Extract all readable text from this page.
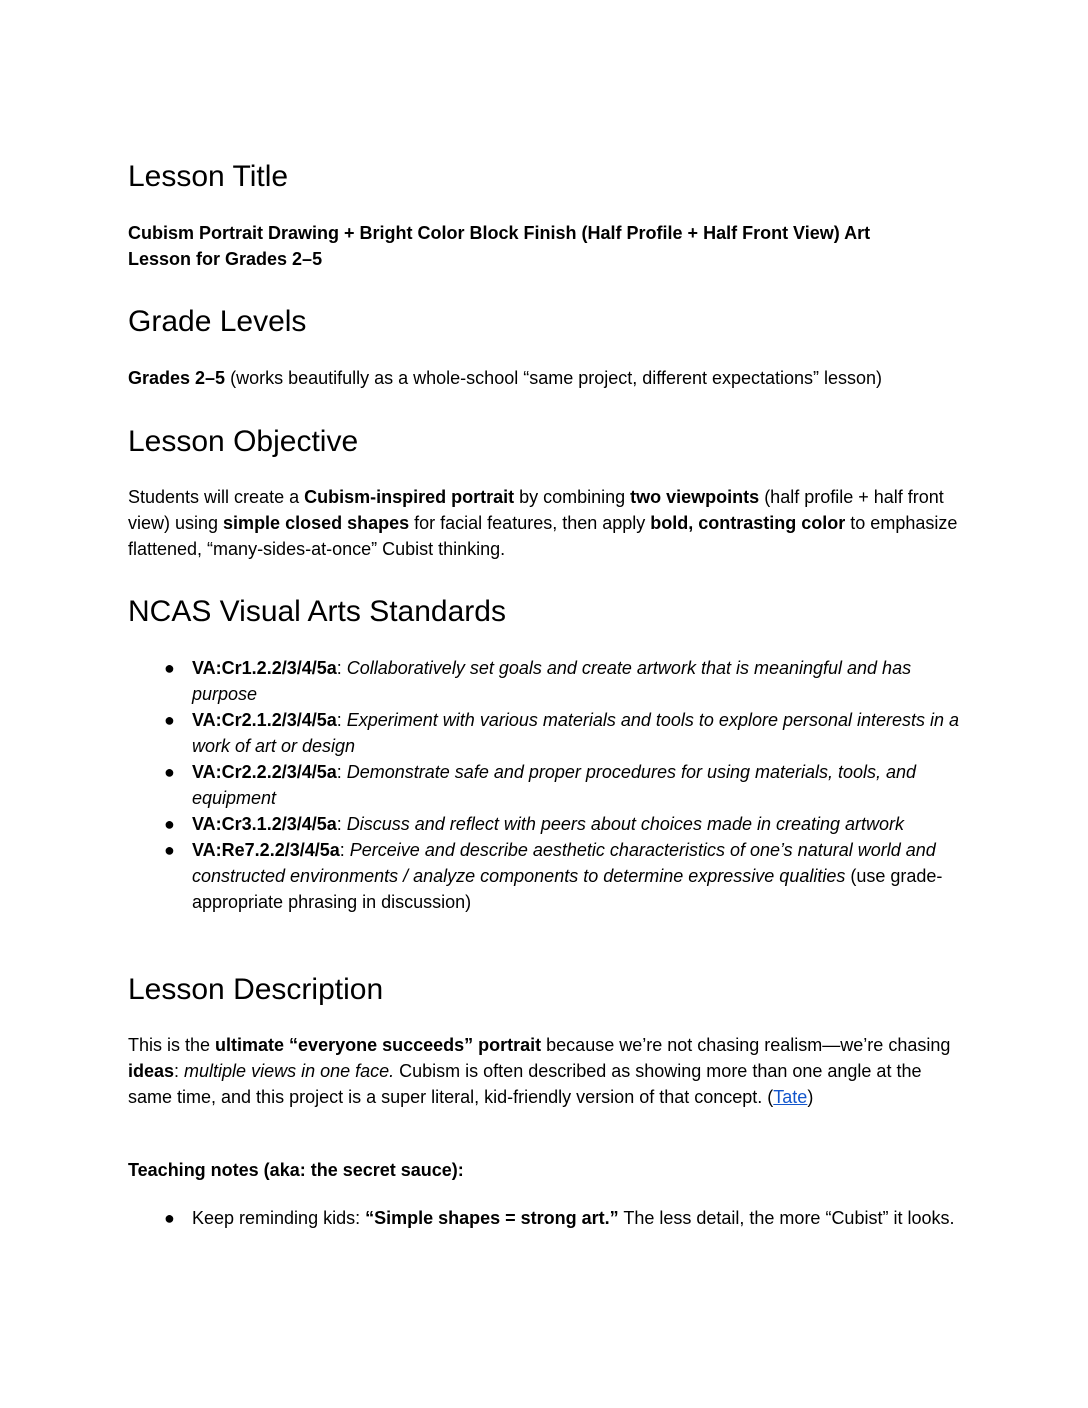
Lesson Title

Cubism Portrait Drawing + Bright Color Block Finish (Half Profile + Half Front View) Art
Lesson for Grades 2–5

Grade Levels

Grades 2–5 (works beautifully as a whole-school “same project, different expectations” lesson)

Lesson Objective

Students will create a Cubism-inspired portrait by combining two viewpoints (half profile + half front view) using simple closed shapes for facial features, then apply bold, contrasting color to emphasize flattened, “many-sides-at-once” Cubist thinking.

NCAS Visual Arts Standards
● VA:Cr1.2.2/3/4/5a: Collaboratively set goals and create artwork that is meaningful and has purpose
● VA:Cr2.1.2/3/4/5a: Experiment with various materials and tools to explore personal interests in a work of art or design
● VA:Cr2.2.2/3/4/5a: Demonstrate safe and proper procedures for using materials, tools, and equipment
● VA:Cr3.1.2/3/4/5a: Discuss and reflect with peers about choices made in creating artwork
● VA:Re7.2.2/3/4/5a: Perceive and describe aesthetic characteristics of one’s natural world and constructed environments / analyze components to determine expressive qualities (use grade-appropriate phrasing in discussion)
Lesson Description

This is the ultimate “everyone succeeds” portrait because we’re not chasing realism—we’re chasing ideas: multiple views in one face. Cubism is often described as showing more than one angle at the same time, and this project is a super literal, kid-friendly version of that concept. (Tate)

Teaching notes (aka: the secret sauce):

● Keep reminding kids: “Simple shapes = strong art.” The less detail, the more “Cubist” it looks.
